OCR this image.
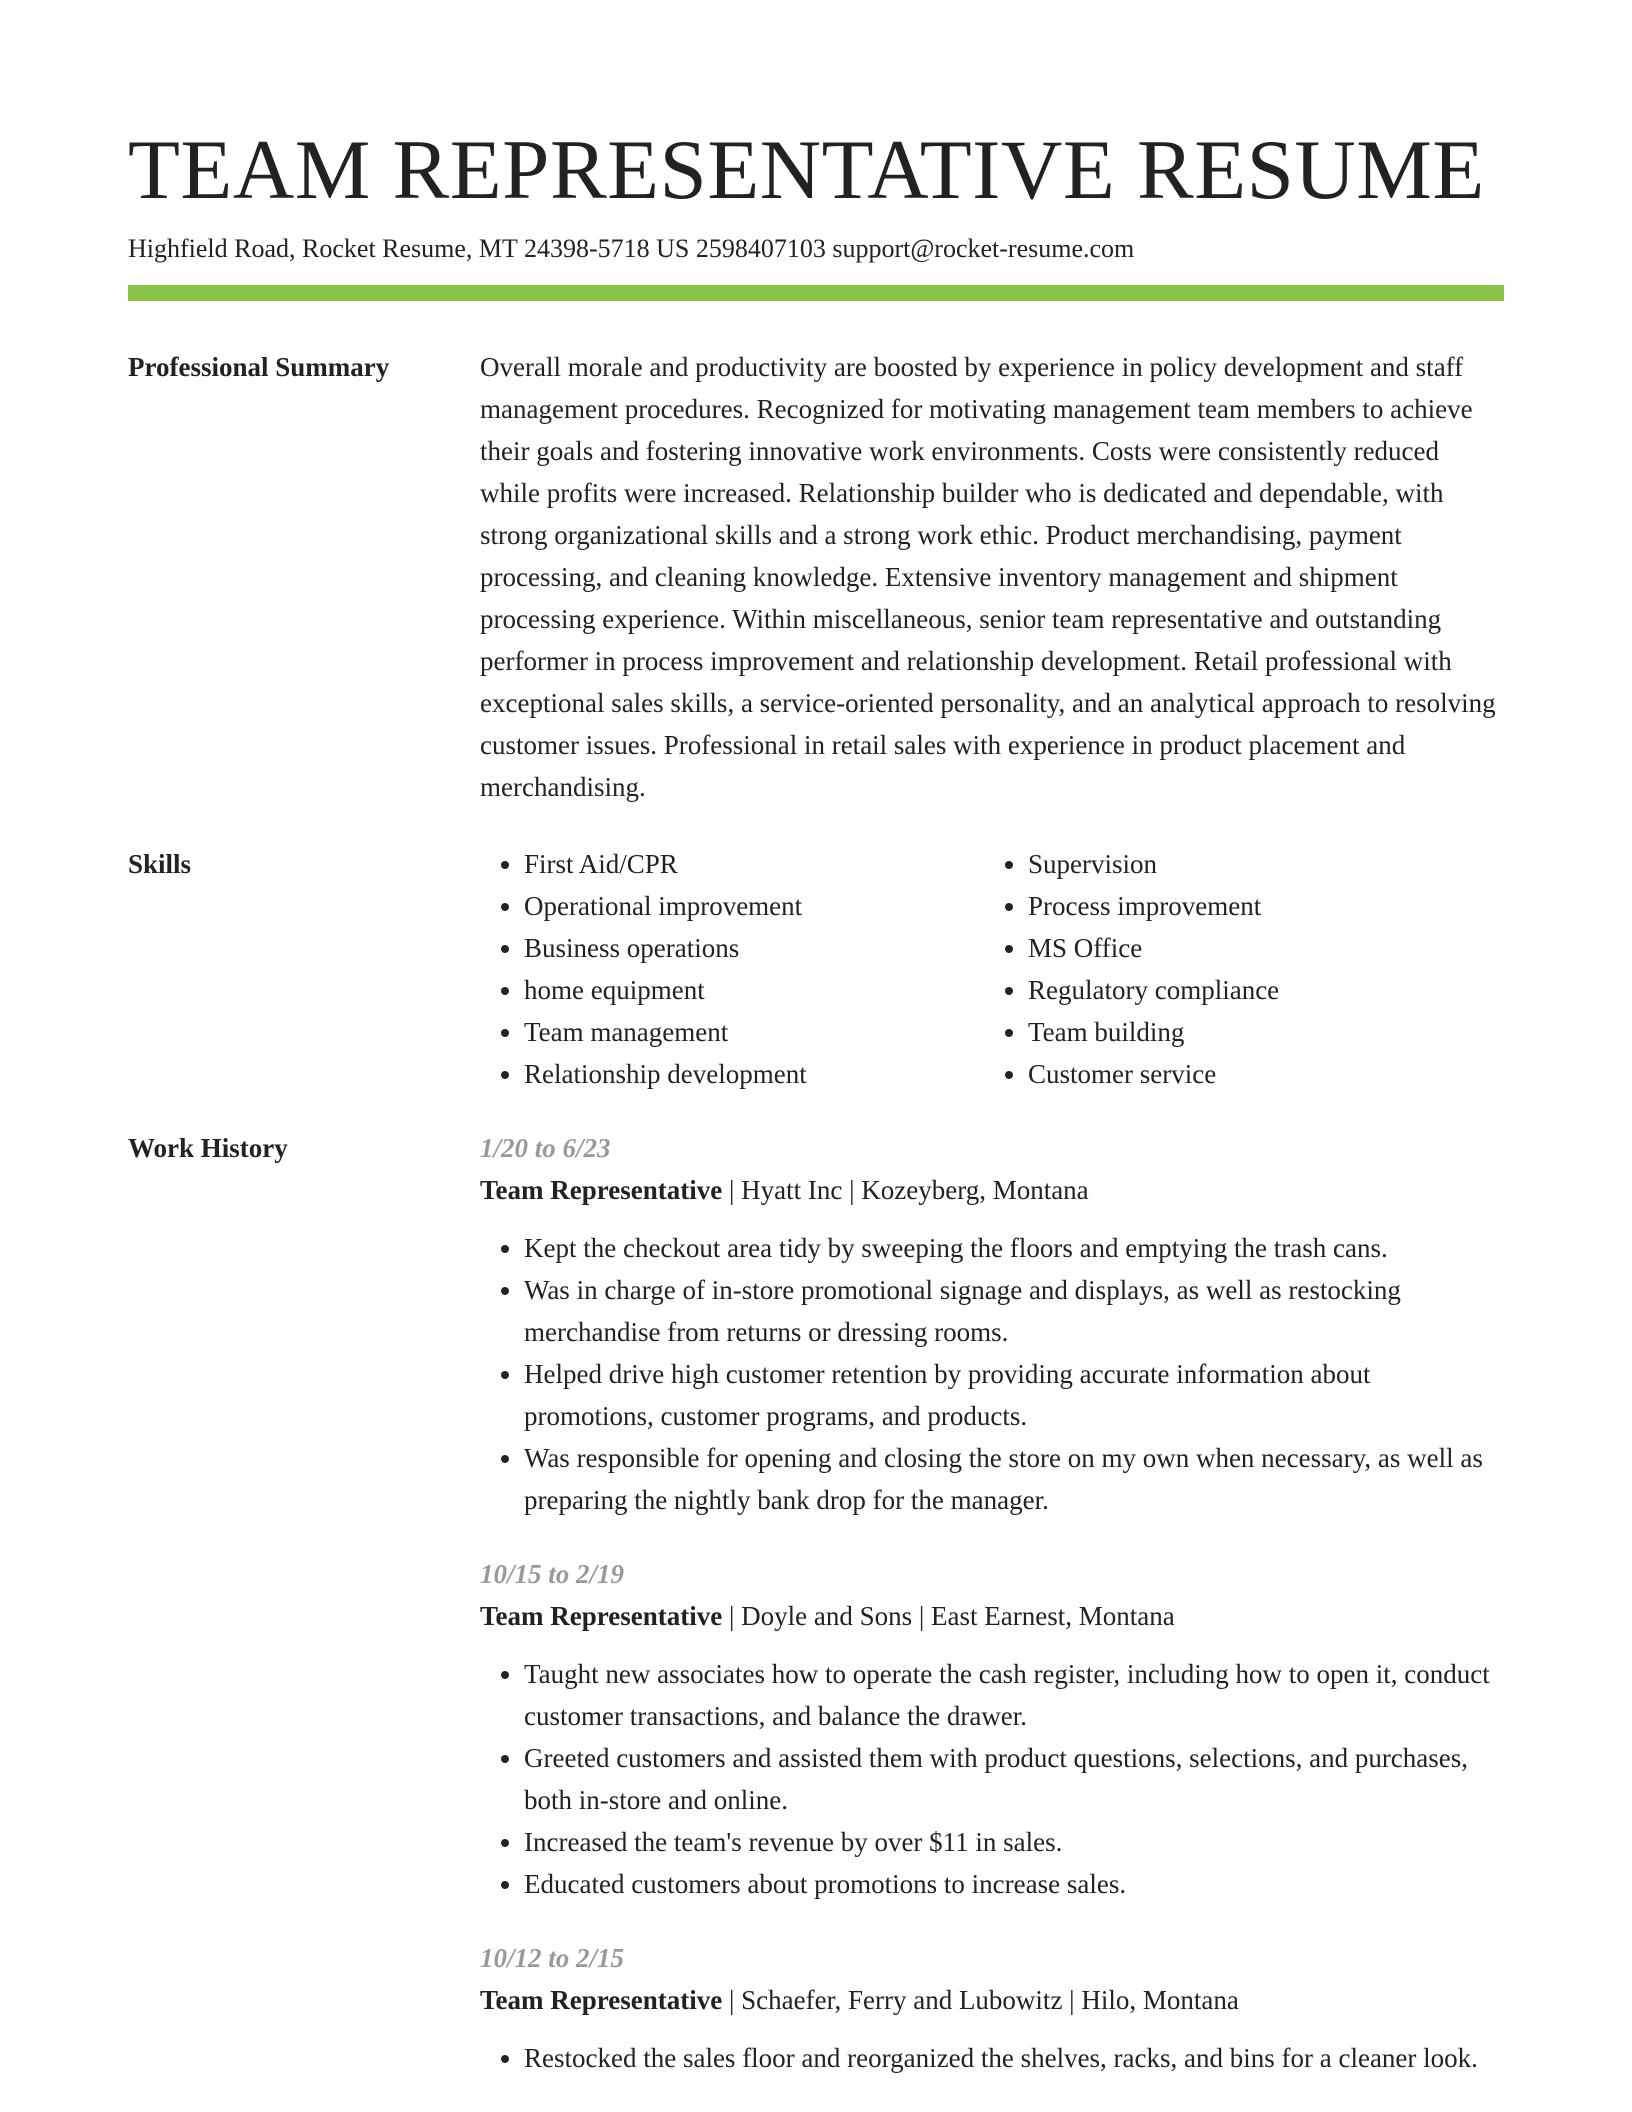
TEAM REPRESENTATIVE RESUME
Highfield Road, Rocket Resume, MT 24398-5718 US 2598407103 support@rocket-resume.com
Professional Summary	Overall morale and productivity are boosted by experience in policy development and staff management procedures. Recognized for motivating management team members to achieve their goals and fostering innovative work environments. Costs were consistently reduced while profits were increased. Relationship builder who is dedicated and dependable, with strong organizational skills and a strong work ethic. Product merchandising, payment processing, and cleaning knowledge. Extensive inventory management and shipment processing experience. Within miscellaneous, senior team representative and outstanding performer in process improvement and relationship development. Retail professional with exceptional sales skills, a service-oriented personality, and an analytical approach to resolving customer issues. Professional in retail sales with experience in product placement and merchandising.

Skills
•	First Aid/CPR
• Operational improvement
• Business operations
• home equipment
• Team management
• Relationship development
• Supervision
• Process improvement
• MS Office
• Regulatory compliance
• Team building
• Customer service
Work History	1/20 to 6/23
Team Representative | Hyatt Inc | Kozeyberg, Montana
• Kept the checkout area tidy by sweeping the floors and emptying the trash cans.
• Was in charge of in-store promotional signage and displays, as well as restocking merchandise from returns or dressing rooms.
• Helped drive high customer retention by providing accurate information about promotions, customer programs, and products.
• Was responsible for opening and closing the store on my own when necessary, as well as preparing the nightly bank drop for the manager.
10/15 to 2/19
Team Representative | Doyle and Sons | East Earnest, Montana
• Taught new associates how to operate the cash register, including how to open it, conduct customer transactions, and balance the drawer.
• Greeted customers and assisted them with product questions, selections, and purchases, both in-store and online.
• Increased the team's revenue by over $11 in sales.
• Educated customers about promotions to increase sales.
10/12 to 2/15
Team Representative | Schaefer, Ferry and Lubowitz | Hilo, Montana
• Restocked the sales floor and reorganized the shelves, racks, and bins for a cleaner look.
